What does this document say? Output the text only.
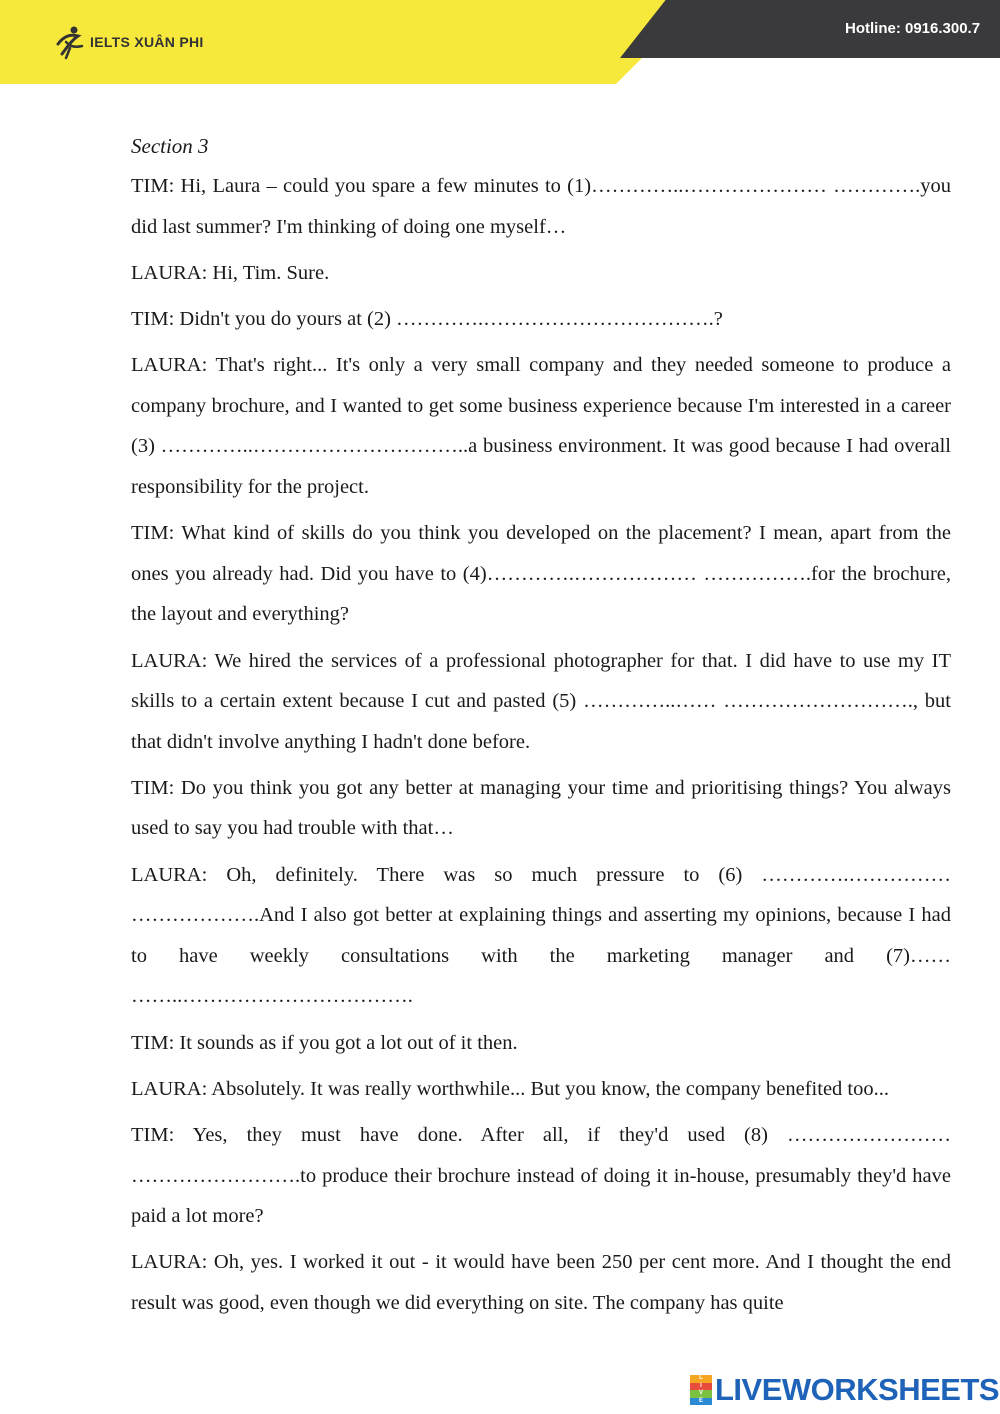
IELTS XUÂN PHI
Hotline: 0916.300.7

Section 3

TIM: Hi, Laura – could you spare a few minutes to (1)…………..………………… ………….you did last summer? I'm thinking of doing one myself…

LAURA: Hi, Tim. Sure.

TIM: Didn't you do yours at (2) ………….…………………………….?

LAURA: That's right... It's only a very small company and they needed someone to produce a company brochure, and I wanted to get some business experience because I'm interested in a career (3) …………..…………………………..a business environment. It was good because I had overall responsibility for the project.

TIM: What kind of skills do you think you developed on the placement? I mean, apart from the ones you already had. Did you have to (4)………….……………… …………….for the brochure, the layout and everything?

LAURA: We hired the services of a professional photographer for that. I did have to use my IT skills to a certain extent because I cut and pasted (5) …………..…… ………………………., but that didn't involve anything I hadn't done before.

TIM: Do you think you got any better at managing your time and prioritising things? You always used to say you had trouble with that…

LAURA: Oh, definitely. There was so much pressure to (6) ………….…………… ……………….And I also got better at explaining things and asserting my opinions, because I had to have weekly consultations with the marketing manager and (7)…… ……..…………………………….

TIM: It sounds as if you got a lot out of it then.

LAURA: Absolutely. It was really worthwhile... But you know, the company benefited too...

TIM: Yes, they must have done. After all, if they'd used (8) …………………… …………………….to produce their brochure instead of doing it in-house, presumably they'd have paid a lot more?

LAURA: Oh, yes. I worked it out - it would have been 250 per cent more. And I thought the end result was good, even though we did everything on site. The company has quite

L
I
V
E LIVEWORKSHEETS
